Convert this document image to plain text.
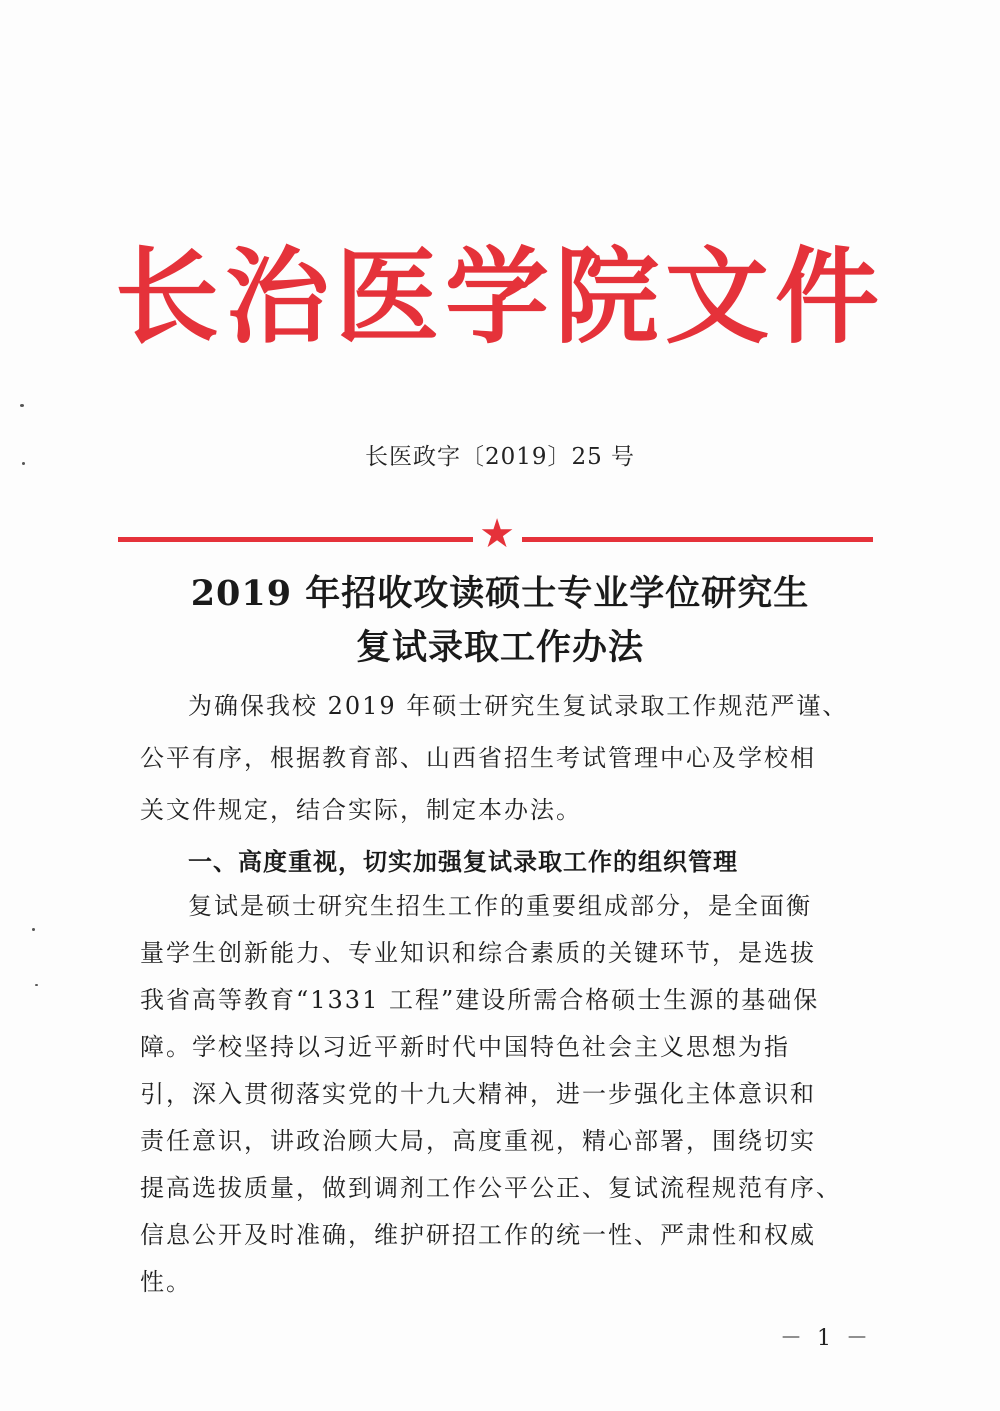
长治医学院文件
长医政字〔2019〕25 号
★
2019 年招收攻读硕士专业学位研究生
复试录取工作办法
为确保我校 2019 年硕士研究生复试录取工作规范严谨、
公平有序，根据教育部、山西省招生考试管理中心及学校相
关文件规定，结合实际，制定本办法。
一、高度重视，切实加强复试录取工作的组织管理
复试是硕士研究生招生工作的重要组成部分，是全面衡
量学生创新能力、专业知识和综合素质的关键环节，是选拔
我省高等教育“1331 工程”建设所需合格硕士生源的基础保
障。学校坚持以习近平新时代中国特色社会主义思想为指
引，深入贯彻落实党的十九大精神，进一步强化主体意识和
责任意识，讲政治顾大局，高度重视，精心部署，围绕切实
提高选拔质量，做到调剂工作公平公正、复试流程规范有序、
信息公开及时准确，维护研招工作的统一性、严肃性和权威
性。
－ 1 －
